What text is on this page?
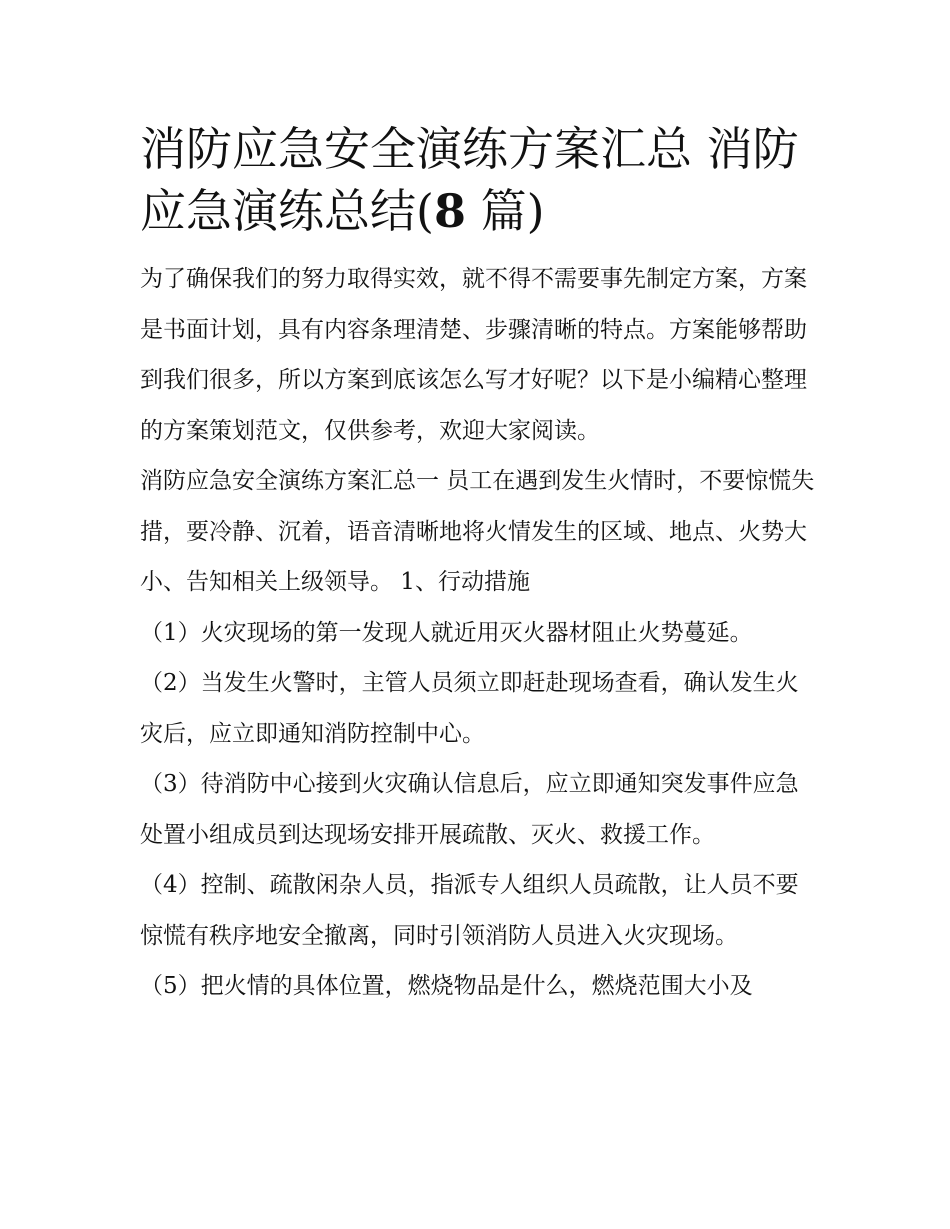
消防应急安全演练方案汇总 消防应急演练总结(8 篇)

为了确保我们的努力取得实效，就不得不需要事先制定方案，方案是书面计划，具有内容条理清楚、步骤清晰的特点。方案能够帮助到我们很多，所以方案到底该怎么写才好呢？以下是小编精心整理的方案策划范文，仅供参考，欢迎大家阅读。

消防应急安全演练方案汇总一 员工在遇到发生火情时，不要惊慌失措，要冷静、沉着，语音清晰地将火情发生的区域、地点、火势大小、告知相关上级领导。 1、行动措施

（1）火灾现场的第一发现人就近用灭火器材阻止火势蔓延。

（2）当发生火警时，主管人员须立即赶赴现场查看，确认发生火灾后，应立即通知消防控制中心。

（3）待消防中心接到火灾确认信息后，应立即通知突发事件应急处置小组成员到达现场安排开展疏散、灭火、救援工作。

（4）控制、疏散闲杂人员，指派专人组织人员疏散，让人员不要惊慌有秩序地安全撤离，同时引领消防人员进入火灾现场。

（5）把火情的具体位置，燃烧物品是什么，燃烧范围大小及
